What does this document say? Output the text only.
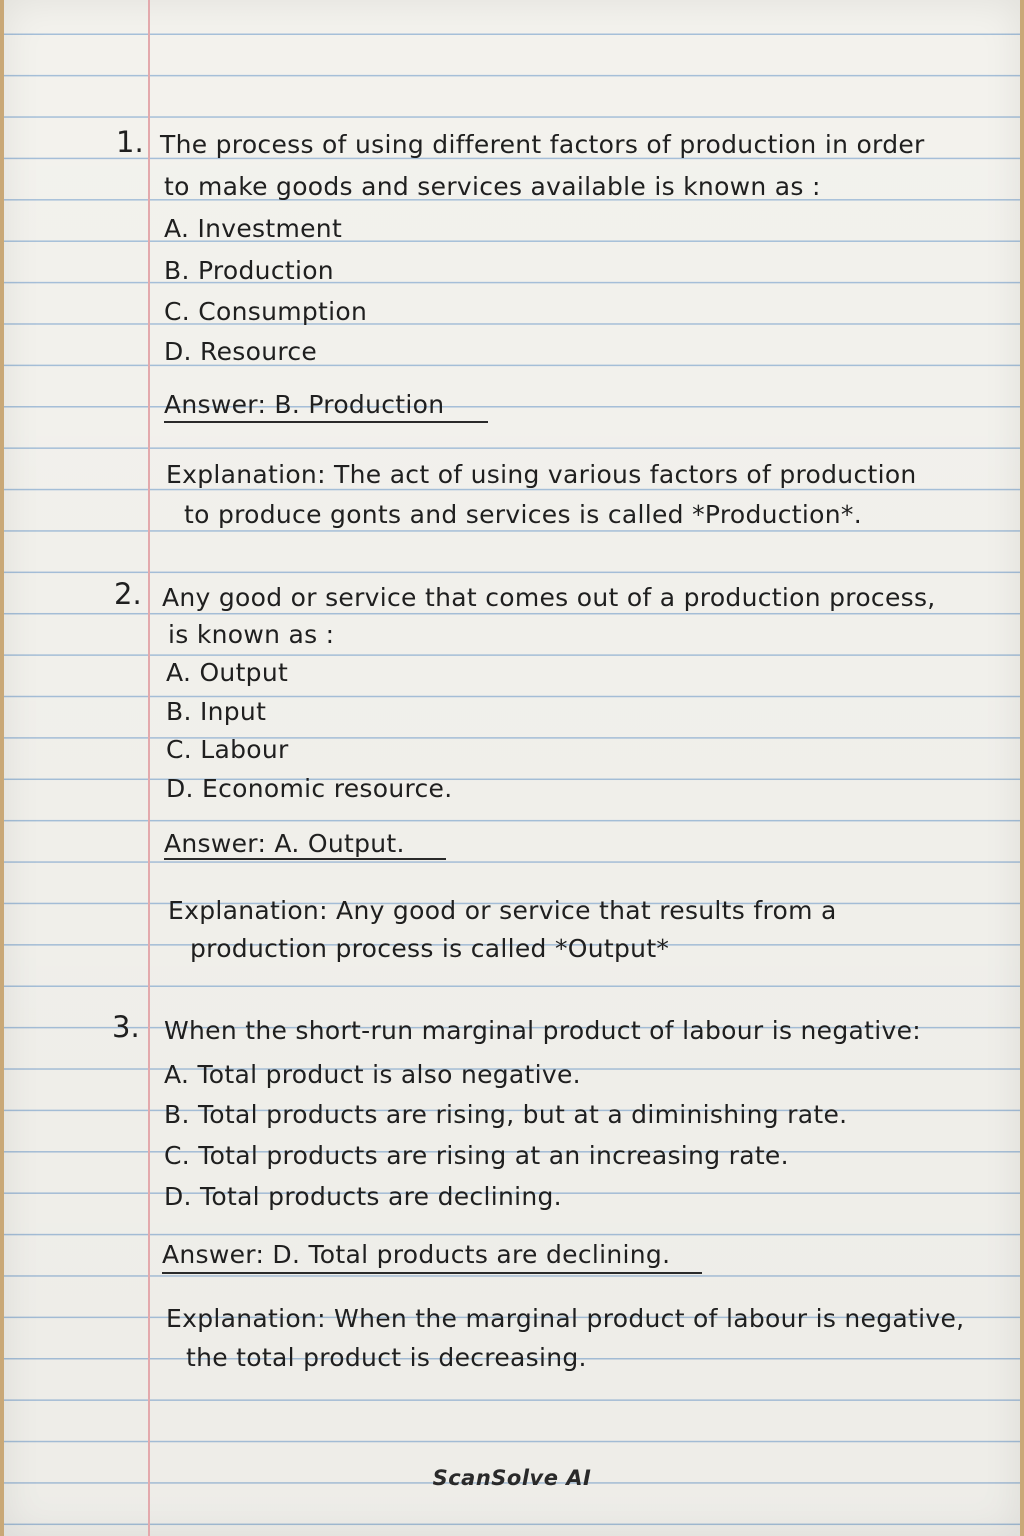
1. The process of using different factors of production in order
to make goods and services available is known as :
A. Investment
B. Production
C. Consumption
D. Resource
Answer: B. Production
Explanation: The act of using various factors of production
to produce gonts and services is called *Production*.
2. Any good or service that comes out of a production process,
is known as :
A. Output
B. Input
C. Labour
D. Economic resource.
Answer: A. Output.
Explanation: Any good or service that results from a
production process is called *Output*
3. When the short-run marginal product of labour is negative:
A. Total product is also negative.
B. Total products are rising, but at a diminishing rate.
C. Total products are rising at an increasing rate.
D. Total products are declining.
Answer: D. Total products are declining.
Explanation: When the marginal product of labour is negative,
the total product is decreasing.
ScanSolve AI
